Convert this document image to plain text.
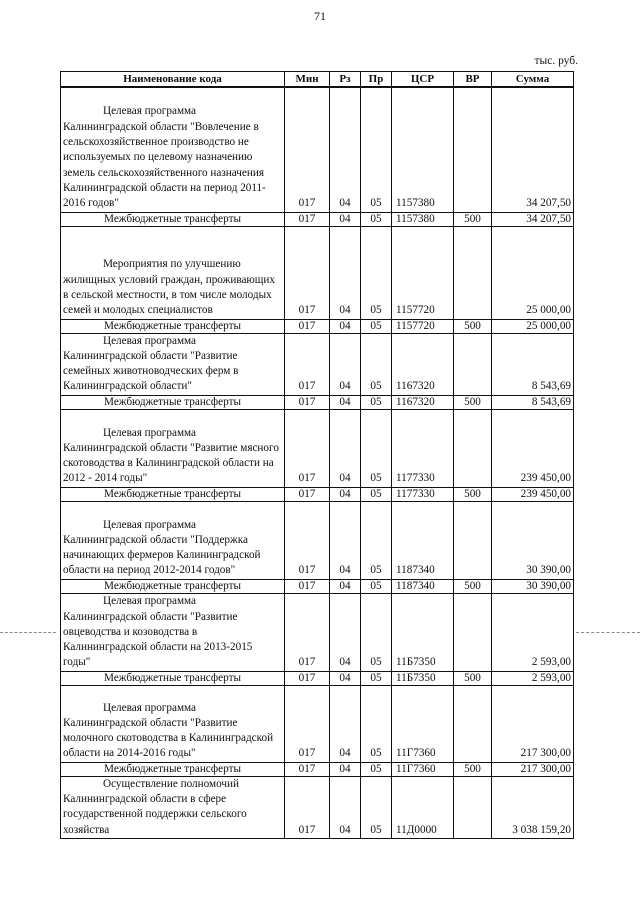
71
тыс. руб.
Наименование кода	Мин	Рз	Пр	ЦСР	ВР	Сумма
Целевая программа
Калининградской области "Вовлечение в сельскохозяйственное производство не используемых по целевому назначению земель сельскохозяйственного назначения Калининградской области на период 2011-2016 годов"	017	04	05	1157380		34 207,50
Межбюджетные трансферты	017	04	05	1157380	500	34 207,50
Мероприятия по улучшению
жилищных условий граждан, проживающих в сельской местности, в том числе молодых семей и молодых специалистов	017	04	05	1157720		25 000,00
Межбюджетные трансферты	017	04	05	1157720	500	25 000,00
Целевая программа
Калининградской области "Развитие семейных животноводческих ферм в Калининградской области"	017	04	05	1167320		8 543,69
Межбюджетные трансферты	017	04	05	1167320	500	8 543,69
Целевая программа
Калининградской области "Развитие мясного скотоводства в Калининградской области на 2012 - 2014 годы"	017	04	05	1177330		239 450,00
Межбюджетные трансферты	017	04	05	1177330	500	239 450,00
Целевая программа
Калининградской области "Поддержка начинающих фермеров Калининградской области на период 2012-2014 годов"	017	04	05	1187340		30 390,00
Межбюджетные трансферты	017	04	05	1187340	500	30 390,00
Целевая программа
Калининградской области "Развитие овцеводства и козоводства в Калининградской области на 2013-2015 годы"	017	04	05	11Б7350		2 593,00
Межбюджетные трансферты	017	04	05	11Б7350	500	2 593,00
Целевая программа
Калининградской области "Развитие молочного скотоводства в Калининградской области на 2014-2016 годы"	017	04	05	11Г7360		217 300,00
Межбюджетные трансферты	017	04	05	11Г7360	500	217 300,00
Осуществление полномочий
Калининградской области в сфере государственной поддержки сельского хозяйства	017	04	05	11Д0000		3 038 159,20
